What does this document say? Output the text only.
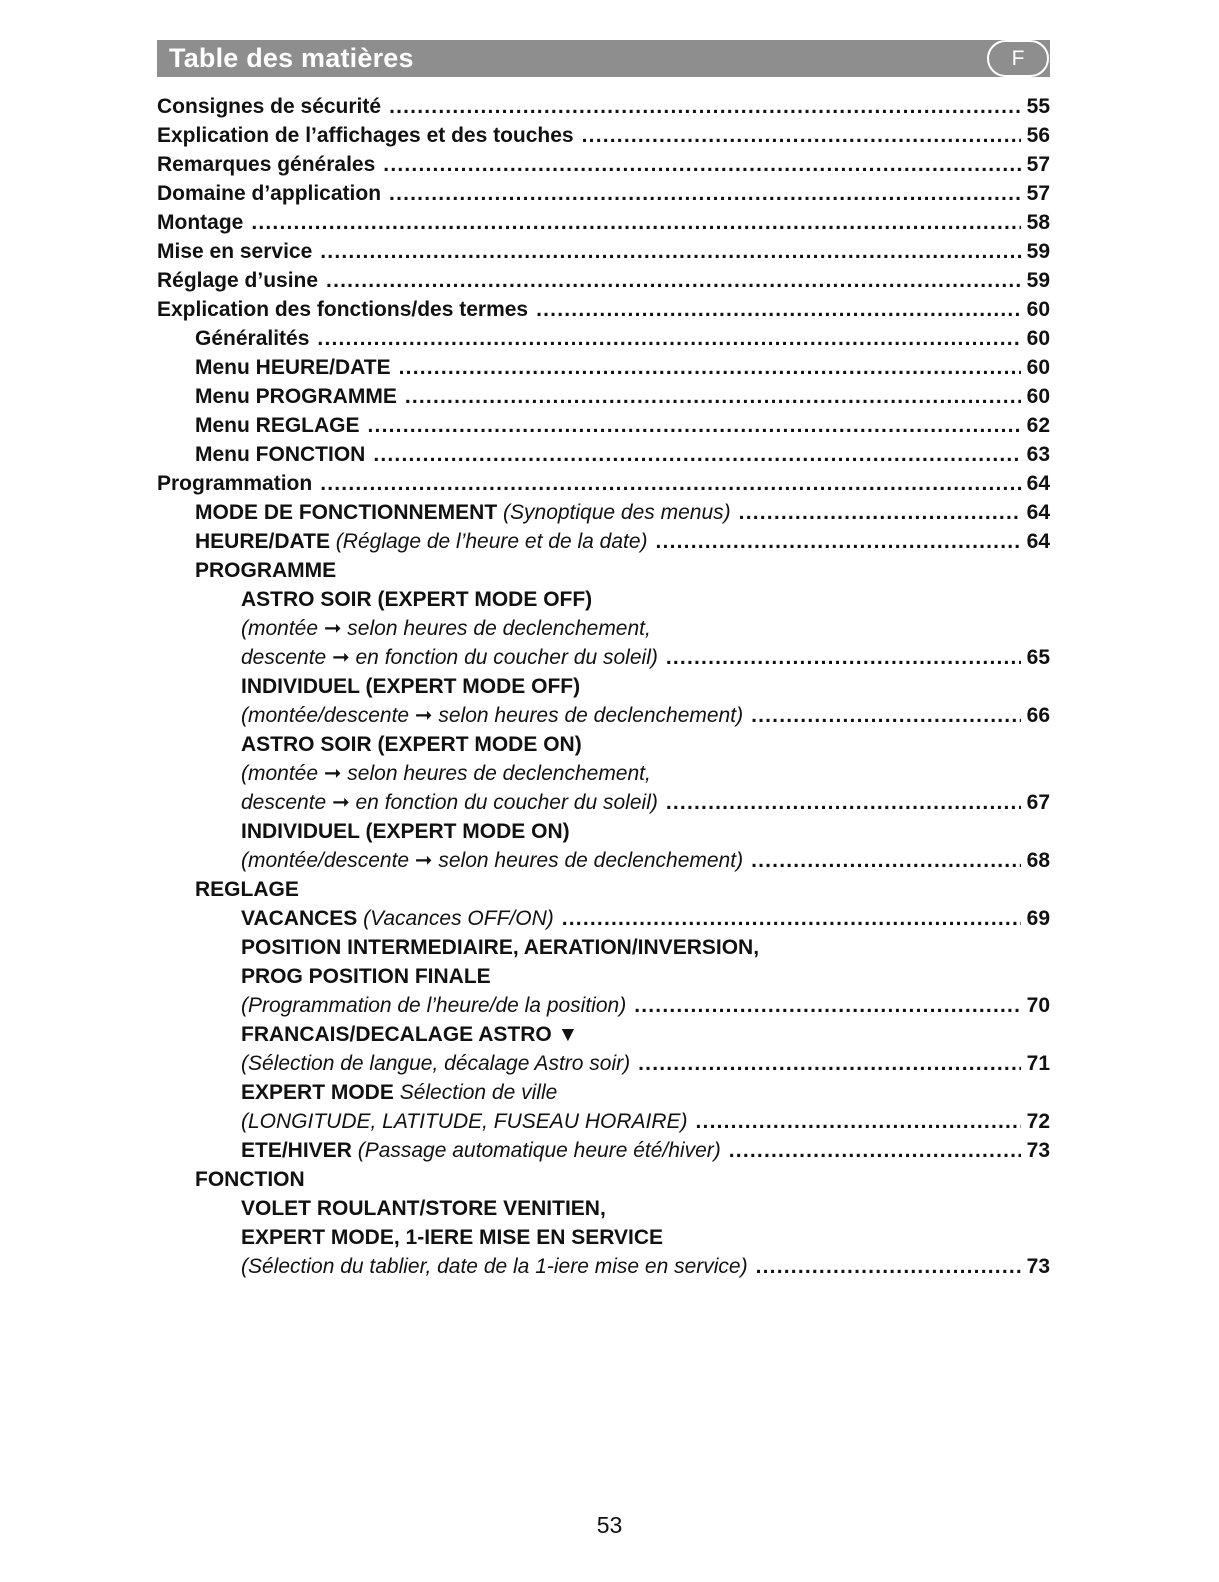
Table des matières	F
Consignes de sécurité .....	55
Explication de l’affichages et des touches .....	56
Remarques générales .....	57
Domaine d’application .....	57
Montage .....	58
Mise en service .....	59
Réglage d’usine .....	59
Explication des fonctions/des termes .....	60
Généralités .....	60
Menu HEURE/DATE .....	60
Menu PROGRAMME .....	60
Menu REGLAGE .....	62
Menu FONCTION .....	63
Programmation .....	64
MODE DE FONCTIONNEMENT (Synoptique des menus) .....	64
HEURE/DATE (Réglage de l’heure et de la date) .....	64
PROGRAMME
ASTRO SOIR (EXPERT MODE OFF)
(montée ➞ selon heures de declenchement,
descente ➞ en fonction du coucher du soleil) .....	65
INDIVIDUEL (EXPERT MODE OFF)
(montée/descente ➞ selon heures de declenchement) .....	66
ASTRO SOIR (EXPERT MODE ON)
(montée ➞ selon heures de declenchement,
descente ➞ en fonction du coucher du soleil) .....	67
INDIVIDUEL (EXPERT MODE ON)
(montée/descente ➞ selon heures de declenchement) .....	68
REGLAGE
VACANCES (Vacances OFF/ON) .....	69
POSITION INTERMEDIAIRE, AERATION/INVERSION,
PROG POSITION FINALE
(Programmation de l’heure/de la position) .....	70
FRANCAIS/DECALAGE ASTRO ▼
(Sélection de langue, décalage Astro soir) .....	71
EXPERT MODE Sélection de ville
(LONGITUDE, LATITUDE, FUSEAU HORAIRE) .....	72
ETE/HIVER (Passage automatique heure été/hiver) .....	73
FONCTION
VOLET ROULANT/STORE VENITIEN,
EXPERT MODE, 1-IERE MISE EN SERVICE
(Sélection du tablier, date de la 1-iere mise en service) .....	73
53
